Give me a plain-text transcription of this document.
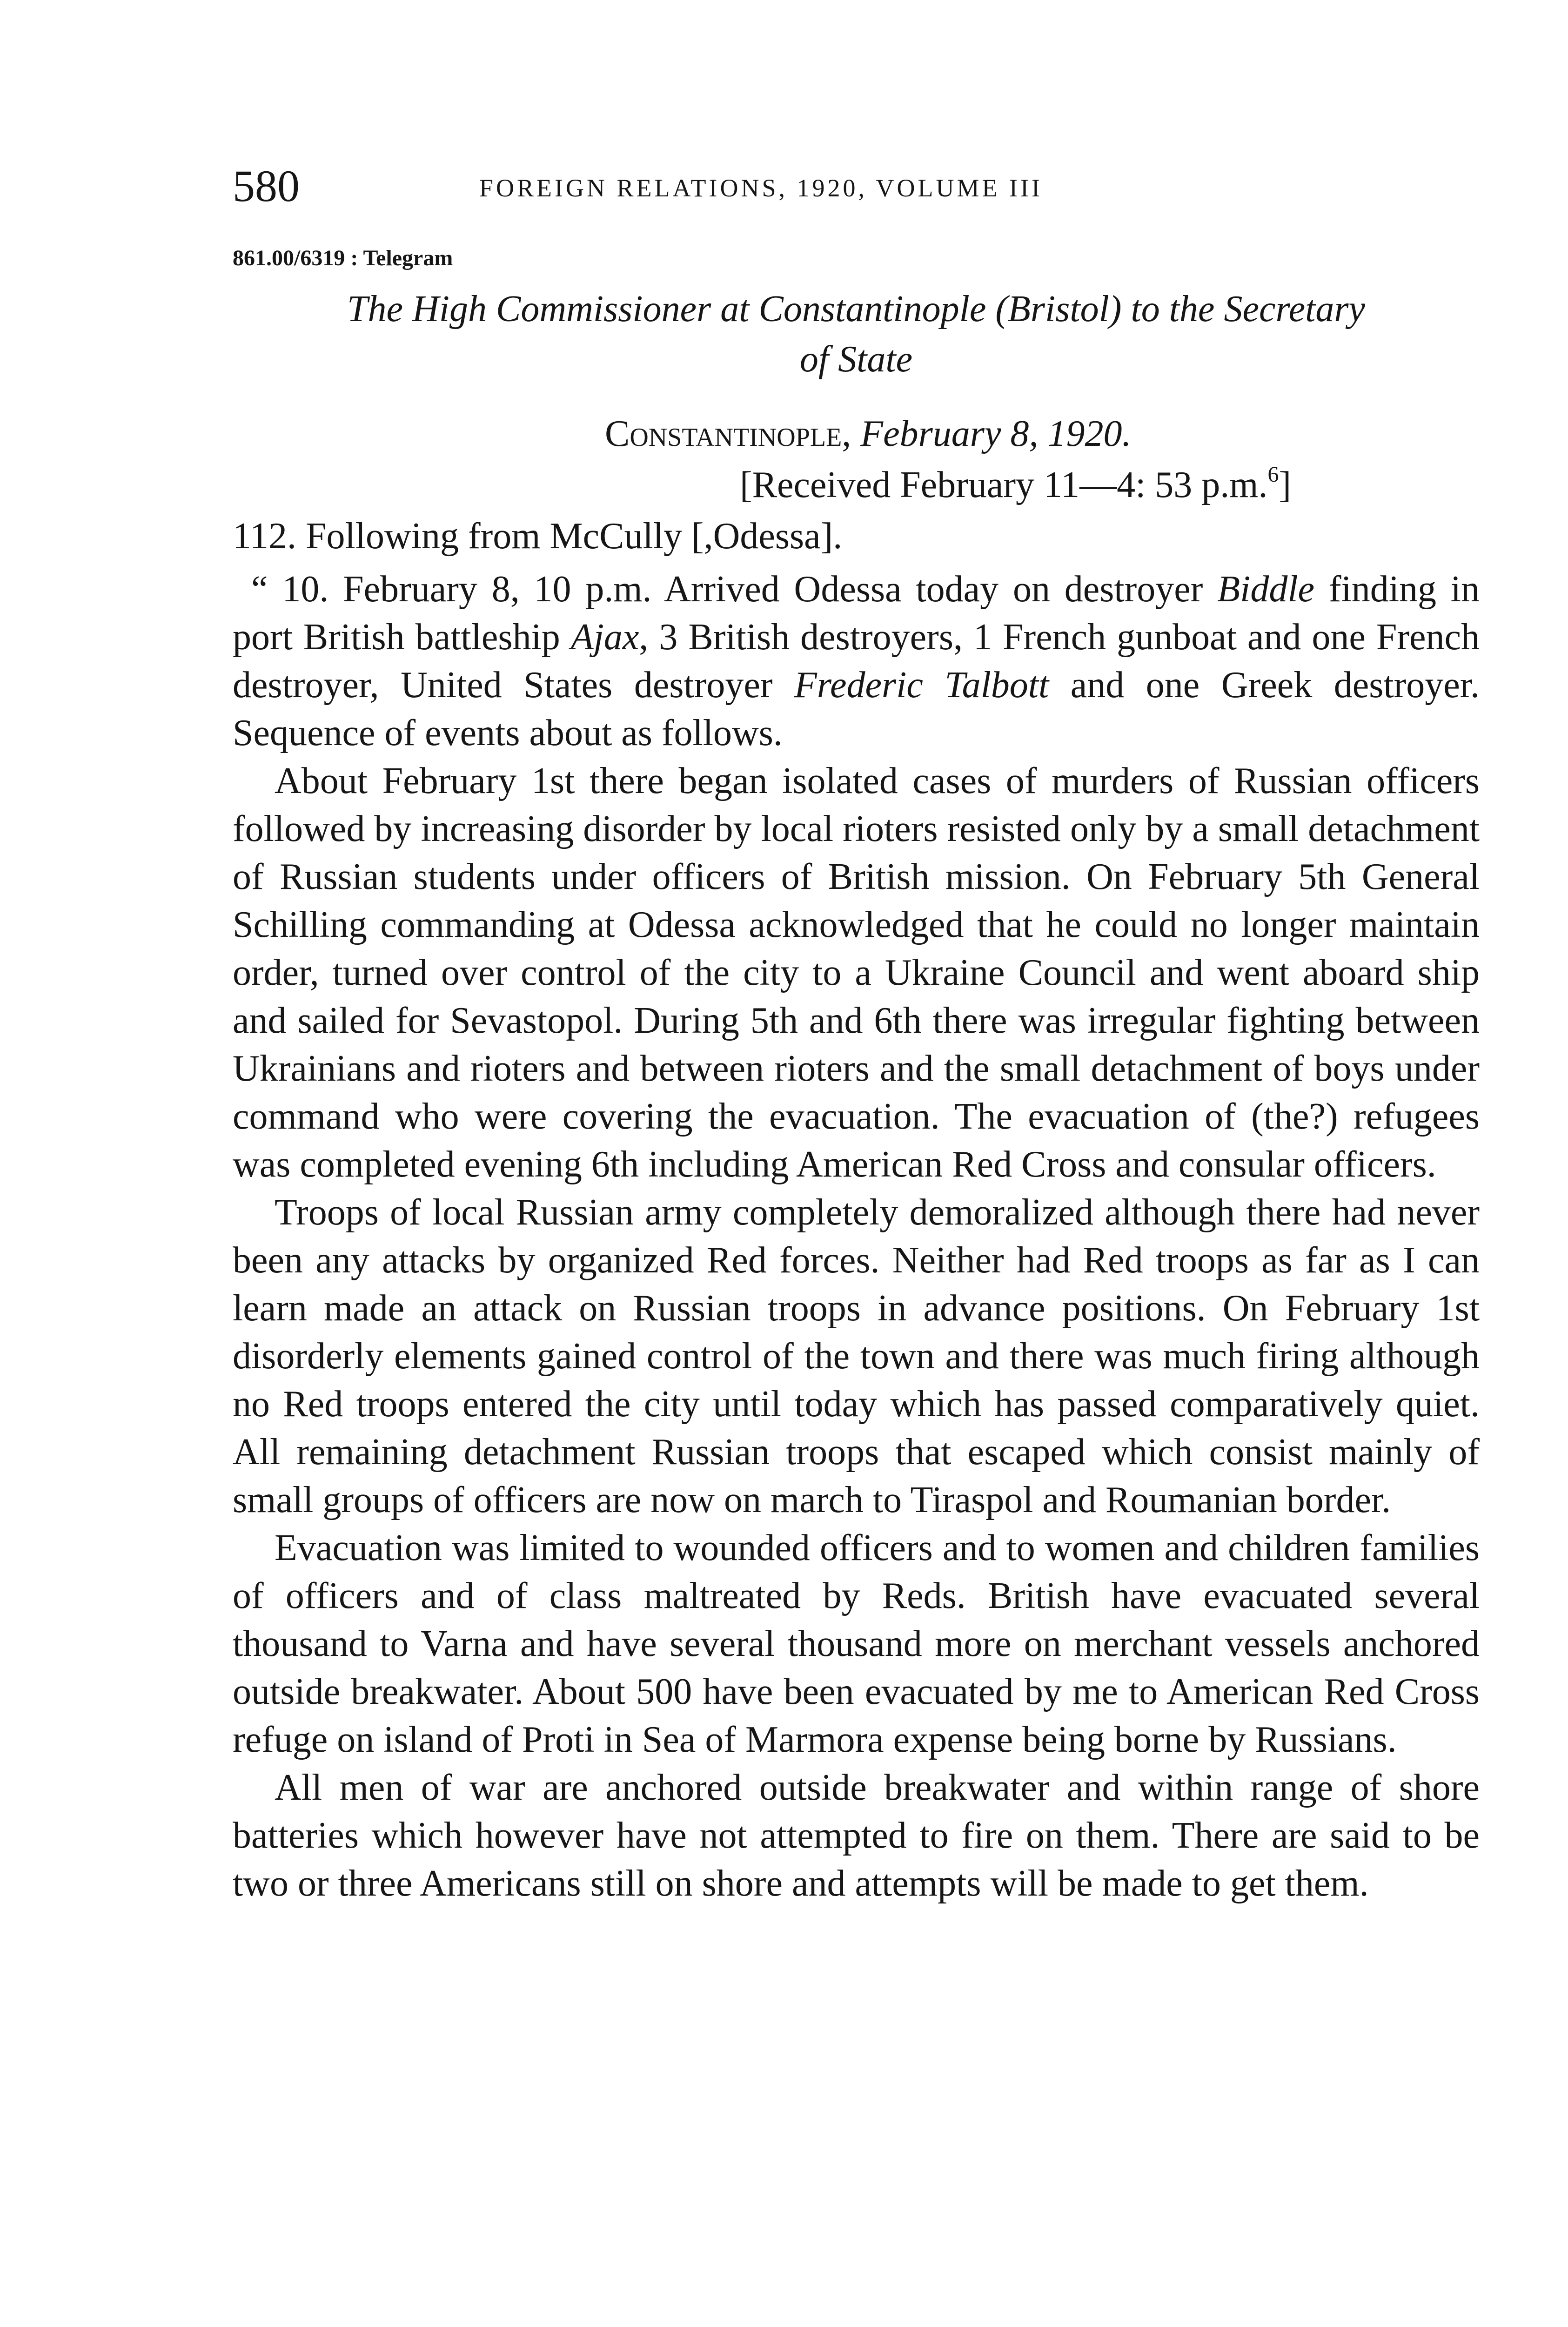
580	FOREIGN RELATIONS, 1920, VOLUME III
861.00/6319 : Telegram
The High Commissioner at Constantinople (Bristol) to the Secretary
of State
Constantinople, February 8, 1920.
[Received February 11—4: 53 p.m.$^6$]
112. Following from McCully [,Odessa].

“ 10. February 8, 10 p.m. Arrived Odessa today on destroyer Biddle finding in port British battleship Ajax, 3 British destroyers, 1 French gunboat and one French destroyer, United States destroyer Frederic Talbott and one Greek destroyer. Sequence of events about as follows.

About February 1st there began isolated cases of murders of Russian officers followed by increasing disorder by local rioters resisted only by a small detachment of Russian students under officers of British mission. On February 5th General Schilling commanding at Odessa acknowledged that he could no longer maintain order, turned over control of the city to a Ukraine Council and went aboard ship and sailed for Sevastopol. During 5th and 6th there was irregular fighting between Ukrainians and rioters and between rioters and the small detachment of boys under command who were covering the evacuation. The evacuation of (the?) refugees was completed evening 6th including American Red Cross and consular officers.

Troops of local Russian army completely demoralized although there had never been any attacks by organized Red forces. Neither had Red troops as far as I can learn made an attack on Russian troops in advance positions. On February 1st disorderly elements gained control of the town and there was much firing although no Red troops entered the city until today which has passed comparatively quiet. All remaining detachment Russian troops that escaped which consist mainly of small groups of officers are now on march to Tiraspol and Roumanian border.

Evacuation was limited to wounded officers and to women and children families of officers and of class maltreated by Reds. British have evacuated several thousand to Varna and have several thousand more on merchant vessels anchored outside breakwater. About 500 have been evacuated by me to American Red Cross refuge on island of Proti in Sea of Marmora expense being borne by Russians.

All men of war are anchored outside breakwater and within range of shore batteries which however have not attempted to fire on them. There are said to be two or three Americans still on shore and attempts will be made to get them.
